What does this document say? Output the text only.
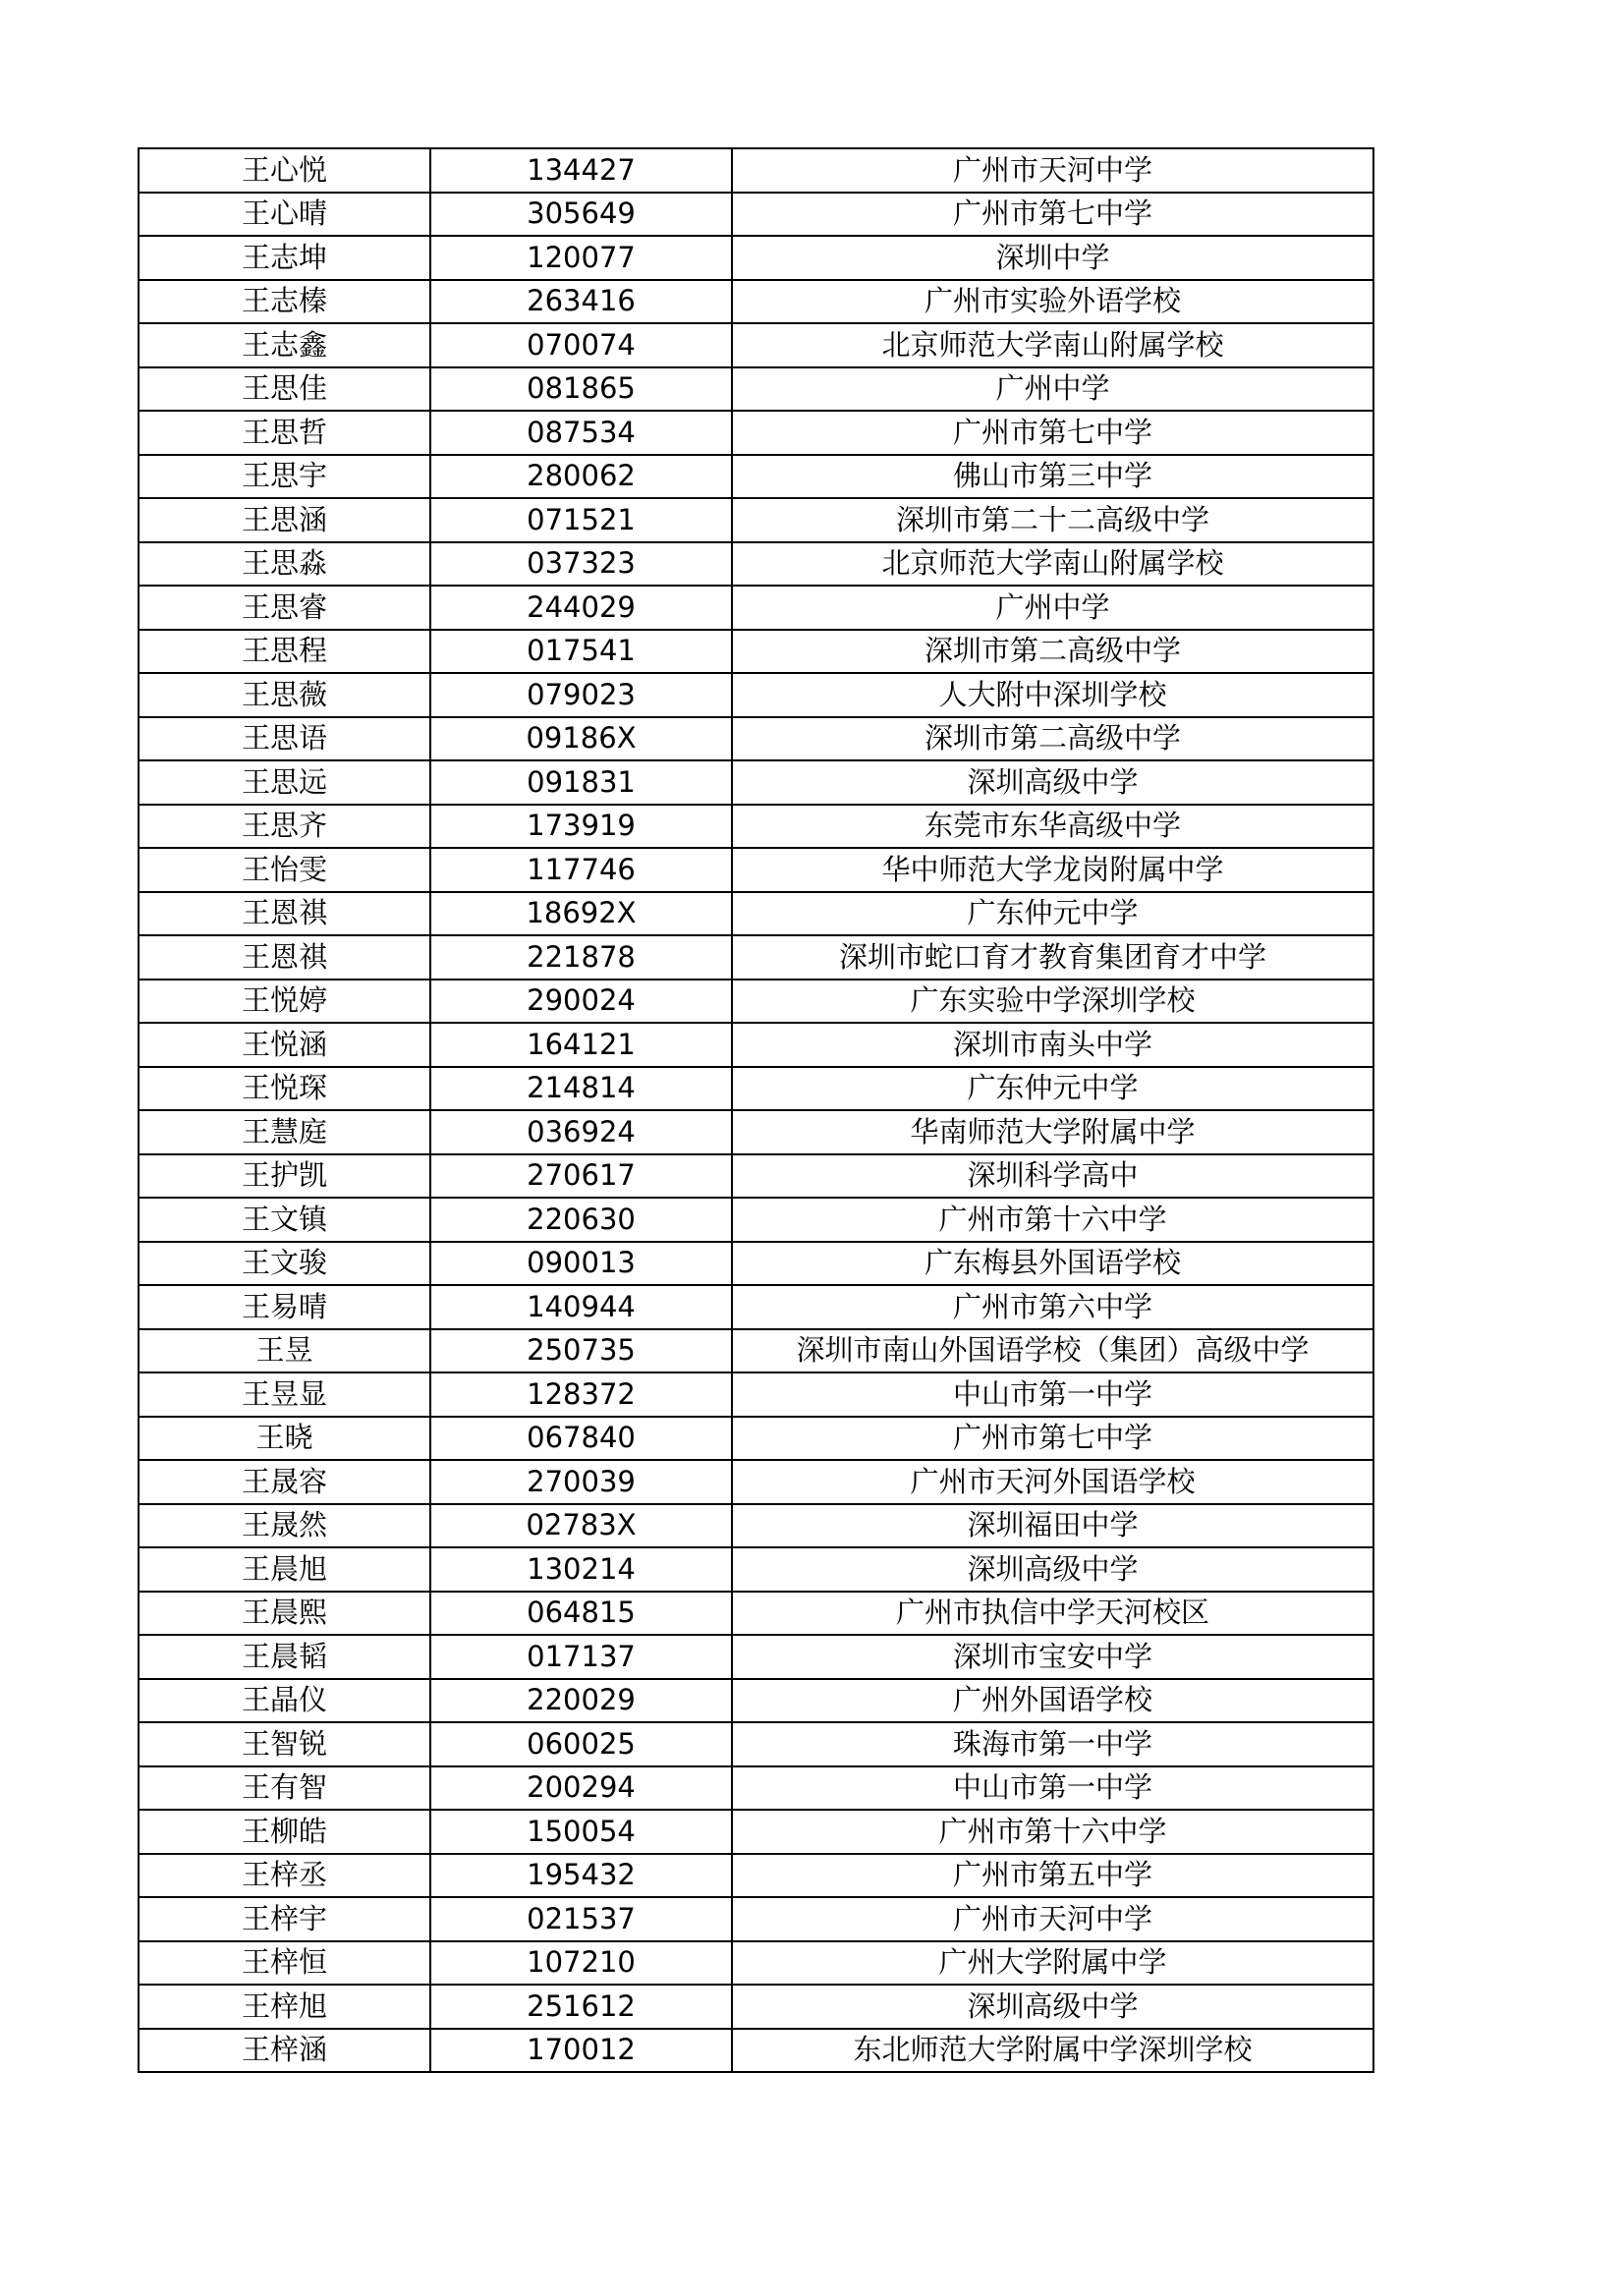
王心悦	134427	广州市天河中学
王心晴	305649	广州市第七中学
王志坤	120077	深圳中学
王志榛	263416	广州市实验外语学校
王志鑫	070074	北京师范大学南山附属学校
王思佳	081865	广州中学
王思哲	087534	广州市第七中学
王思宇	280062	佛山市第三中学
王思涵	071521	深圳市第二十二高级中学
王思淼	037323	北京师范大学南山附属学校
王思睿	244029	广州中学
王思程	017541	深圳市第二高级中学
王思薇	079023	人大附中深圳学校
王思语	09186X	深圳市第二高级中学
王思远	091831	深圳高级中学
王思齐	173919	东莞市东华高级中学
王怡雯	117746	华中师范大学龙岗附属中学
王恩祺	18692X	广东仲元中学
王恩祺	221878	深圳市蛇口育才教育集团育才中学
王悦婷	290024	广东实验中学深圳学校
王悦涵	164121	深圳市南头中学
王悦琛	214814	广东仲元中学
王慧庭	036924	华南师范大学附属中学
王护凯	270617	深圳科学高中
王文镇	220630	广州市第十六中学
王文骏	090013	广东梅县外国语学校
王易晴	140944	广州市第六中学
王昱	250735	深圳市南山外国语学校（集团）高级中学
王昱显	128372	中山市第一中学
王晓	067840	广州市第七中学
王晟容	270039	广州市天河外国语学校
王晟然	02783X	深圳福田中学
王晨旭	130214	深圳高级中学
王晨熙	064815	广州市执信中学天河校区
王晨韬	017137	深圳市宝安中学
王晶仪	220029	广州外国语学校
王智锐	060025	珠海市第一中学
王有智	200294	中山市第一中学
王柳皓	150054	广州市第十六中学
王梓丞	195432	广州市第五中学
王梓宇	021537	广州市天河中学
王梓恒	107210	广州大学附属中学
王梓旭	251612	深圳高级中学
王梓涵	170012	东北师范大学附属中学深圳学校
